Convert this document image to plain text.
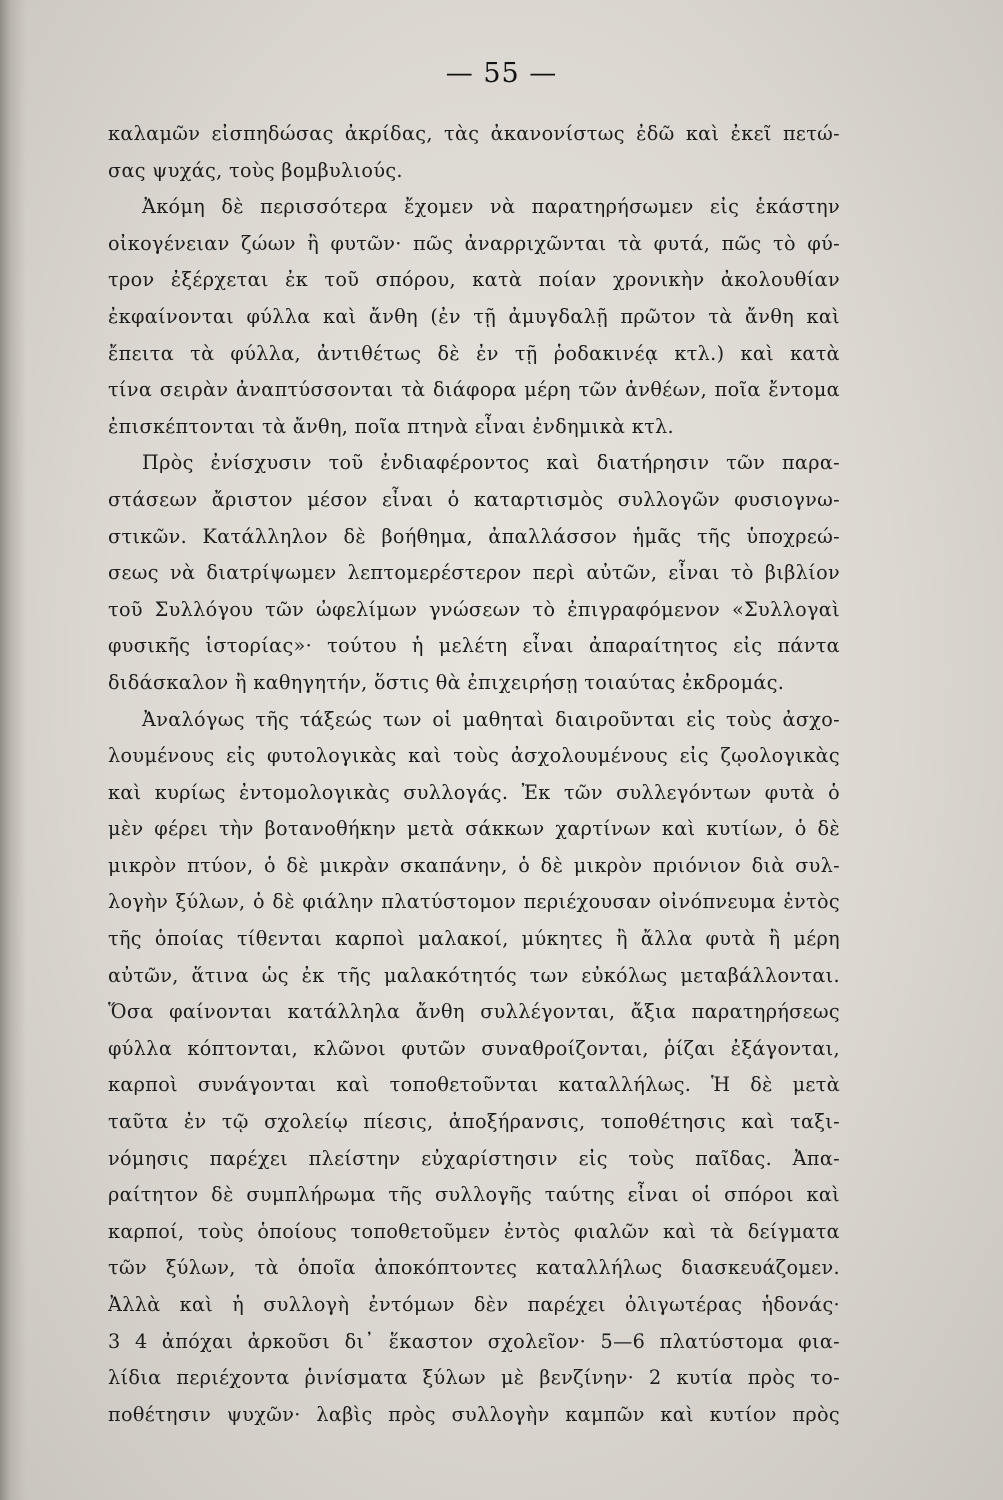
— 55 —
καλαμῶν εἰσπηδώσας ἀκρίδας, τὰς ἀκανονίστως ἐδῶ καὶ ἐκεῖ πετώ-
σας ψυχάς, τοὺς βομβυλιούς.
Ἀκόμη δὲ περισσότερα ἔχομεν νὰ παρατηρήσωμεν εἰς ἑκάστην
οἰκογένειαν ζώων ἢ φυτῶν· πῶς ἀναρριχῶνται τὰ φυτά, πῶς τὸ φύ-
τρον ἐξέρχεται ἐκ τοῦ σπόρου, κατὰ ποίαν χρονικὴν ἀκολουθίαν
ἐκφαίνονται φύλλα καὶ ἄνθη (ἐν τῇ ἀμυγδαλῇ πρῶτον τὰ ἄνθη καὶ
ἔπειτα τὰ φύλλα, ἀντιθέτως δὲ ἐν τῇ ῥοδακινέᾳ κτλ.) καὶ κατὰ
τίνα σειρὰν ἀναπτύσσονται τὰ διάφορα μέρη τῶν ἀνθέων, ποῖα ἔντομα
ἐπισκέπτονται τὰ ἄνθη, ποῖα πτηνὰ εἶναι ἐνδημικὰ κτλ.
Πρὸς ἐνίσχυσιν τοῦ ἐνδιαφέροντος καὶ διατήρησιν τῶν παρα-
στάσεων ἄριστον μέσον εἶναι ὁ καταρτισμὸς συλλογῶν φυσιογνω-
στικῶν. Κατάλληλον δὲ βοήθημα, ἀπαλλάσσον ἡμᾶς τῆς ὑποχρεώ-
σεως νὰ διατρίψωμεν λεπτομερέστερον περὶ αὐτῶν, εἶναι τὸ βιβλίον
τοῦ Συλλόγου τῶν ὠφελίμων γνώσεων τὸ ἐπιγραφόμενον «Συλλογαὶ
φυσικῆς ἱστορίας»· τούτου ἡ μελέτη εἶναι ἀπαραίτητος εἰς πάντα
διδάσκαλον ἢ καθηγητήν, ὅστις θὰ ἐπιχειρήσῃ τοιαύτας ἐκδρομάς.
Ἀναλόγως τῆς τάξεώς των οἱ μαθηταὶ διαιροῦνται εἰς τοὺς ἀσχο-
λουμένους εἰς φυτολογικὰς καὶ τοὺς ἀσχολουμένους εἰς ζῳολογικὰς
καὶ κυρίως ἐντομολογικὰς συλλογάς. Ἐκ τῶν συλλεγόντων φυτὰ ὁ
μὲν φέρει τὴν βοτανοθήκην μετὰ σάκκων χαρτίνων καὶ κυτίων, ὁ δὲ
μικρὸν πτύον, ὁ δὲ μικρὰν σκαπάνην, ὁ δὲ μικρὸν πριόνιον διὰ συλ-
λογὴν ξύλων, ὁ δὲ φιάλην πλατύστομον περιέχουσαν οἰνόπνευμα ἐντὸς
τῆς ὁποίας τίθενται καρποὶ μαλακοί, μύκητες ἢ ἄλλα φυτὰ ἢ μέρη
αὐτῶν, ἅτινα ὡς ἐκ τῆς μαλακότητός των εὐκόλως μεταβάλλονται.
Ὅσα φαίνονται κατάλληλα ἄνθη συλλέγονται, ἄξια παρατηρήσεως
φύλλα κόπτονται, κλῶνοι φυτῶν συναθροίζονται, ῥίζαι ἐξάγονται,
καρποὶ συνάγονται καὶ τοποθετοῦνται καταλλήλως. Ἡ δὲ μετὰ
ταῦτα ἐν τῷ σχολείῳ πίεσις, ἀποξήρανσις, τοποθέτησις καὶ ταξι-
νόμησις παρέχει πλείστην εὐχαρίστησιν εἰς τοὺς παῖδας. Ἀπα-
ραίτητον δὲ συμπλήρωμα τῆς συλλογῆς ταύτης εἶναι οἱ σπόροι καὶ
καρποί, τοὺς ὁποίους τοποθετοῦμεν ἐντὸς φιαλῶν καὶ τὰ δείγματα
τῶν ξύλων, τὰ ὁποῖα ἀποκόπτοντες καταλλήλως διασκευάζομεν.
Ἀλλὰ καὶ ἡ συλλογὴ ἐντόμων δὲν παρέχει ὀλιγωτέρας ἡδονάς·
3 4 ἀπόχαι ἀρκοῦσι δι᾽ ἕκαστον σχολεῖον· 5—6 πλατύστομα φια-
λίδια περιέχοντα ῥινίσματα ξύλων μὲ βενζίνην· 2 κυτία πρὸς το-
ποθέτησιν ψυχῶν· λαβὶς πρὸς συλλογὴν καμπῶν καὶ κυτίον πρὸς
